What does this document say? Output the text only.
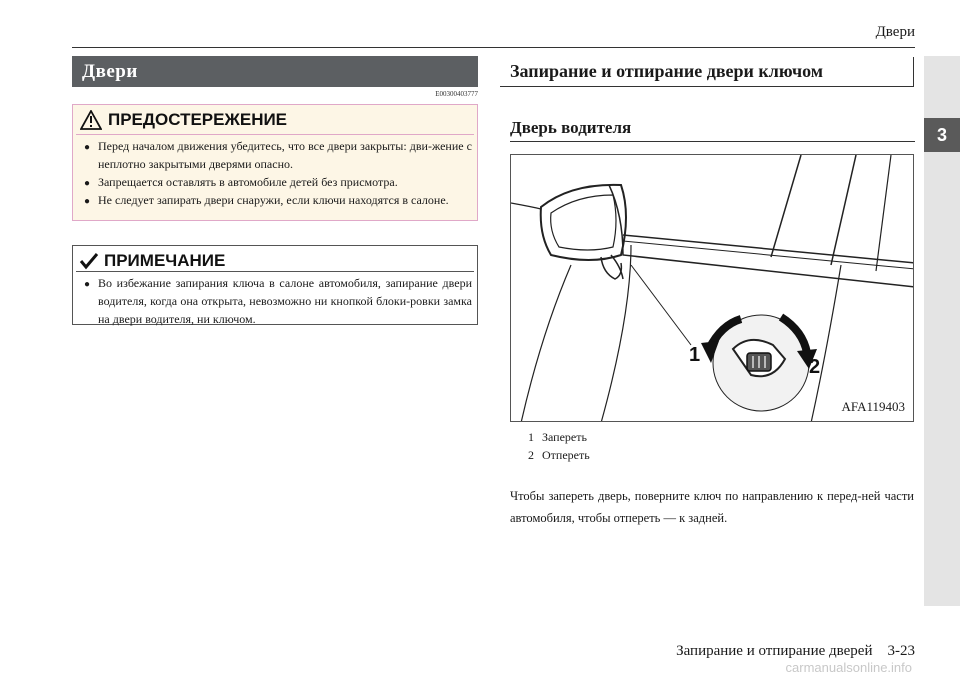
Двери
3
Двери
E00300403777
ПРЕДОСТЕРЕЖЕНИЕ
● Перед началом движения убедитесь, что все двери закрыты: дви-жение с неплотно закрытыми дверями опасно.
● Запрещается оставлять в автомобиле детей без присмотра.
● Не следует запирать двери снаружи, если ключи находятся в салоне.
ПРИМЕЧАНИЕ
● Во избежание запирания ключа в салоне автомобиля, запирание двери водителя, когда она открыта, невозможно ни кнопкой блоки-ровки замка на двери водителя, ни ключом.
Запирание и отпирание двери ключом
Дверь водителя
1
2
AFA119403
1 Запереть
2 Отпереть
Чтобы запереть дверь, поверните ключ по направлению к перед-ней части автомобиля, чтобы отпереть — к задней.
Запирание и отпирание дверей    3-23
carmanualsonline.info
